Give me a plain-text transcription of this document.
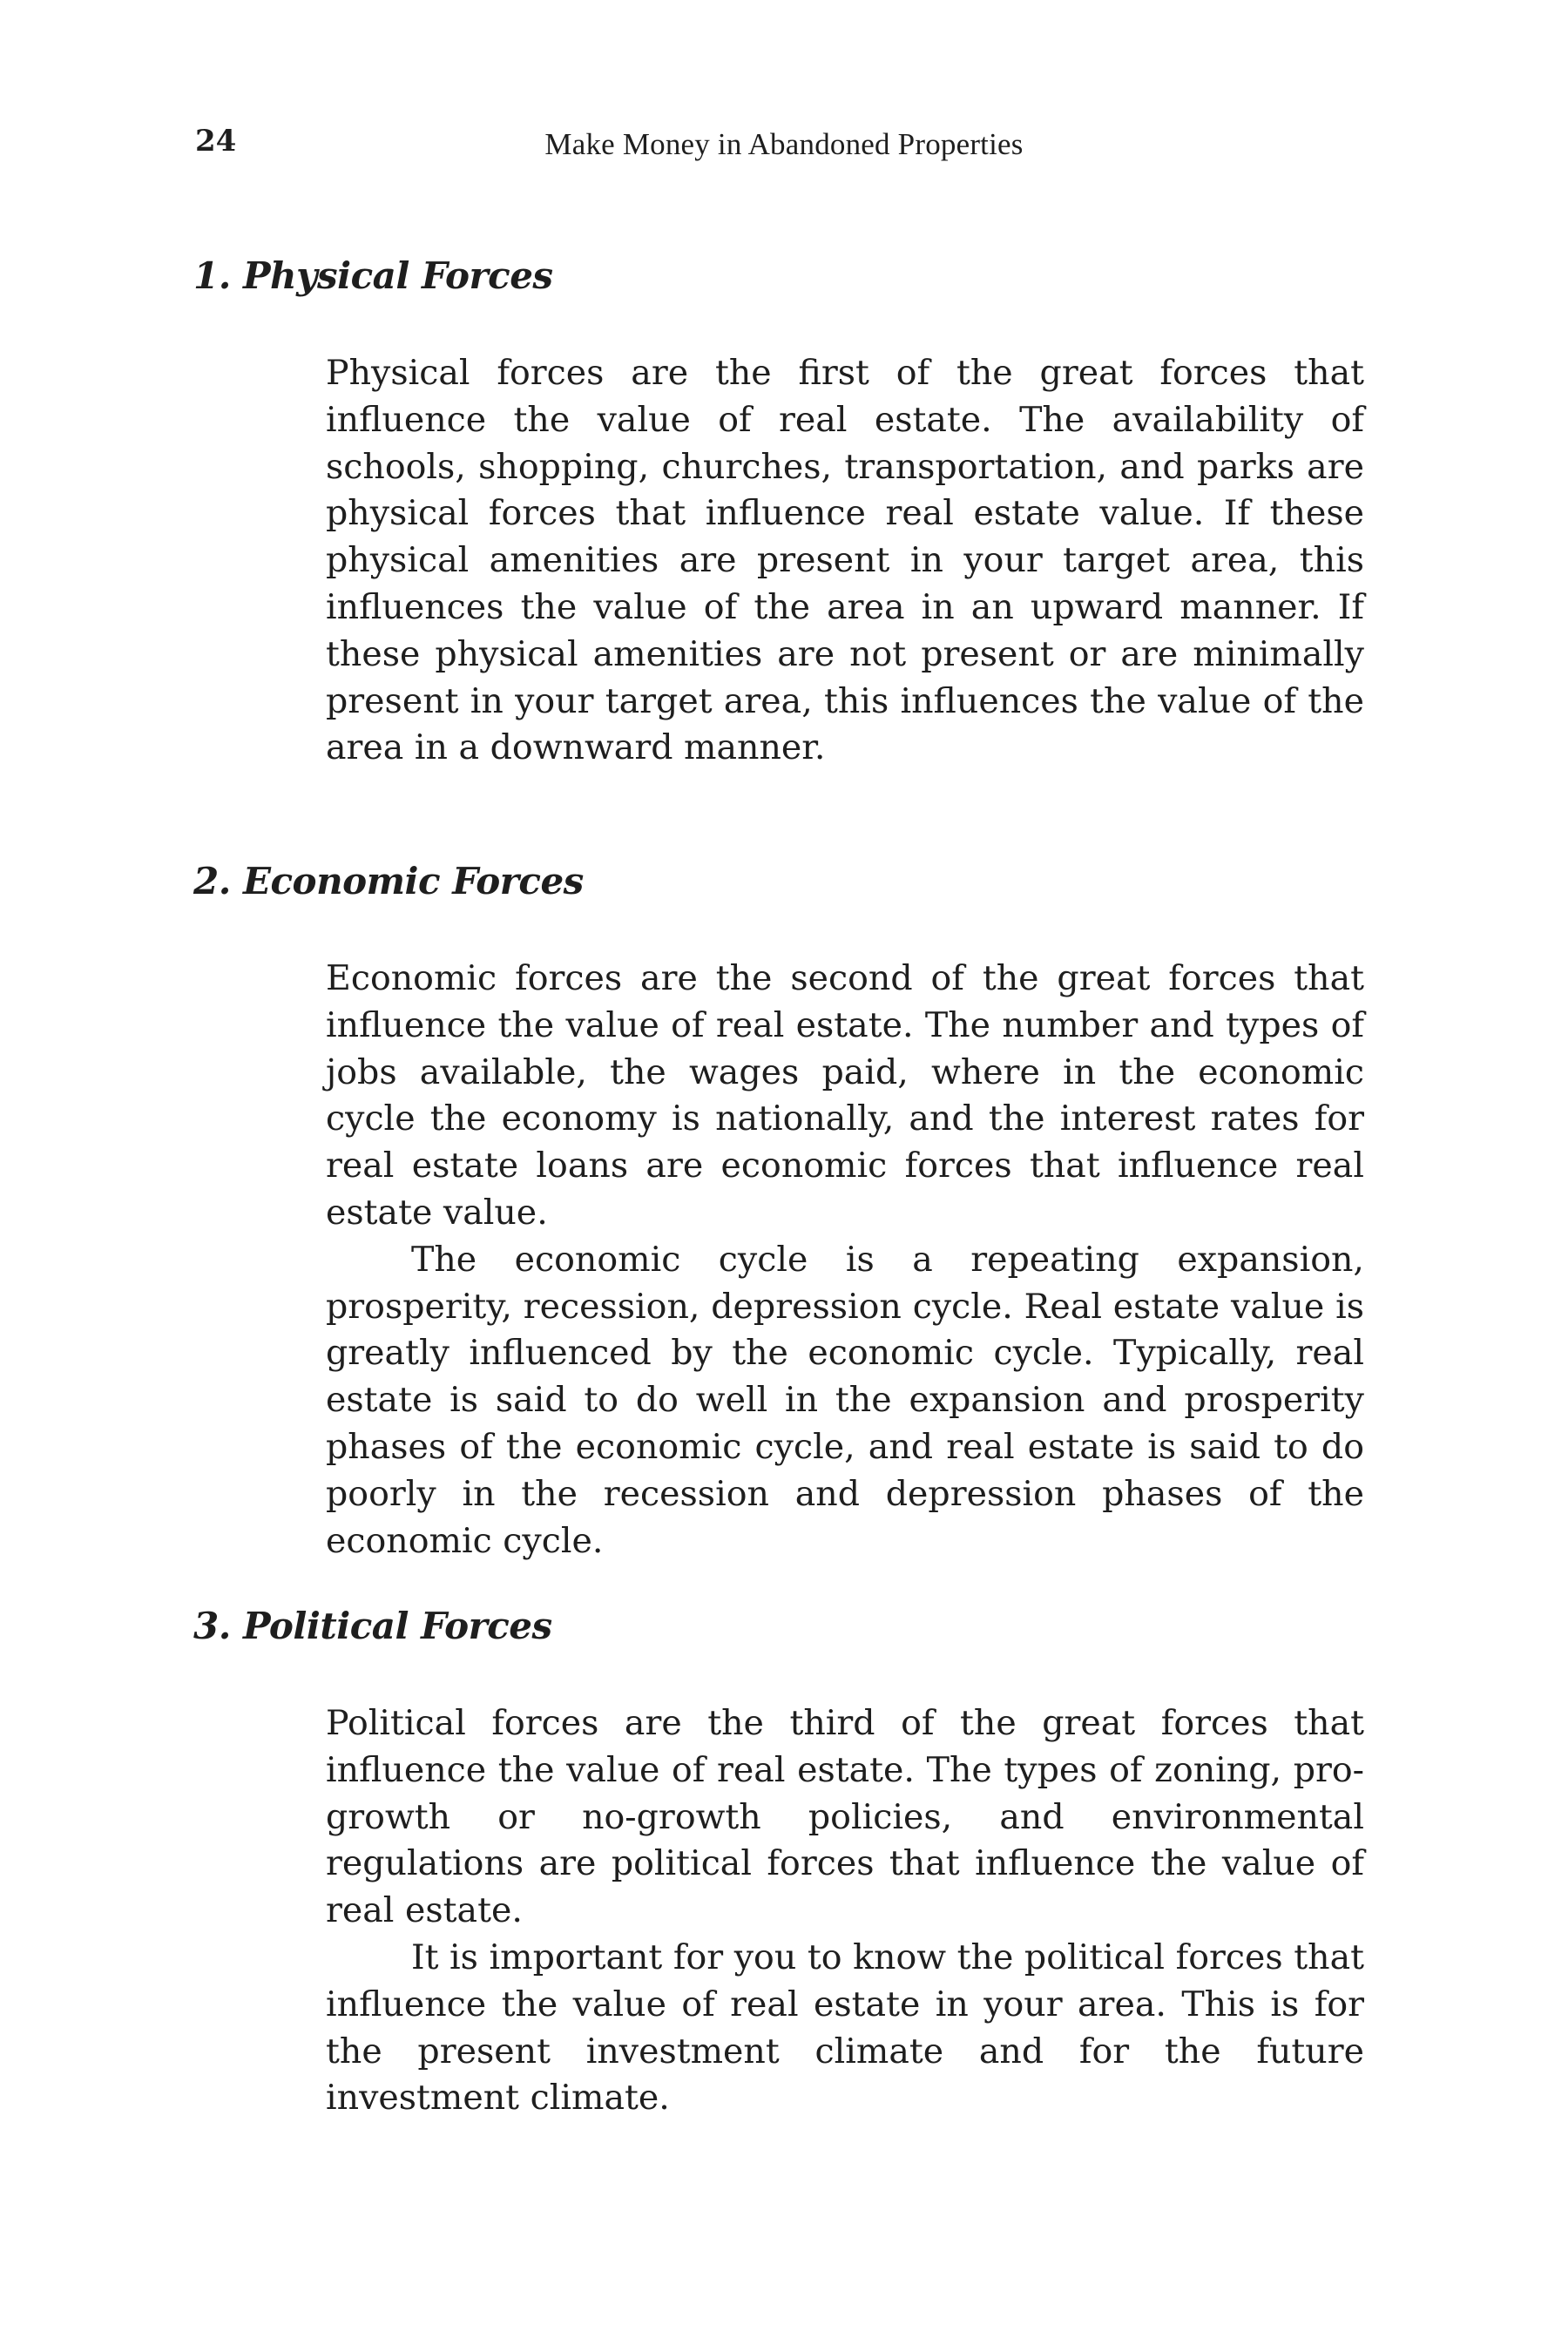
24	Make Money in Abandoned Properties
1. Physical Forces

Physical forces are the first of the great forces that influence the value of real estate. The availability of schools, shopping, churches, transportation, and parks are physical forces that influence real estate value. If these physical amenities are present in your target area, this influences the value of the area in an upward manner. If these physical amenities are not present or are minimally present in your target area, this influences the value of the area in a downward manner.

2. Economic Forces

Economic forces are the second of the great forces that influence the value of real estate. The number and types of jobs available, the wages paid, where in the economic cycle the economy is nationally, and the interest rates for real estate loans are economic forces that influence real estate value.

The economic cycle is a repeating expansion, prosperity, recession, depression cycle. Real estate value is greatly influenced by the economic cycle. Typically, real estate is said to do well in the expansion and prosperity phases of the economic cycle, and real estate is said to do poorly in the recession and depression phases of the economic cycle.

3. Political Forces

Political forces are the third of the great forces that influence the value of real estate. The types of zoning, pro-growth or no-growth policies, and environmental regulations are political forces that influence the value of real estate.

It is important for you to know the political forces that influence the value of real estate in your area. This is for the present investment climate and for the future investment climate.
